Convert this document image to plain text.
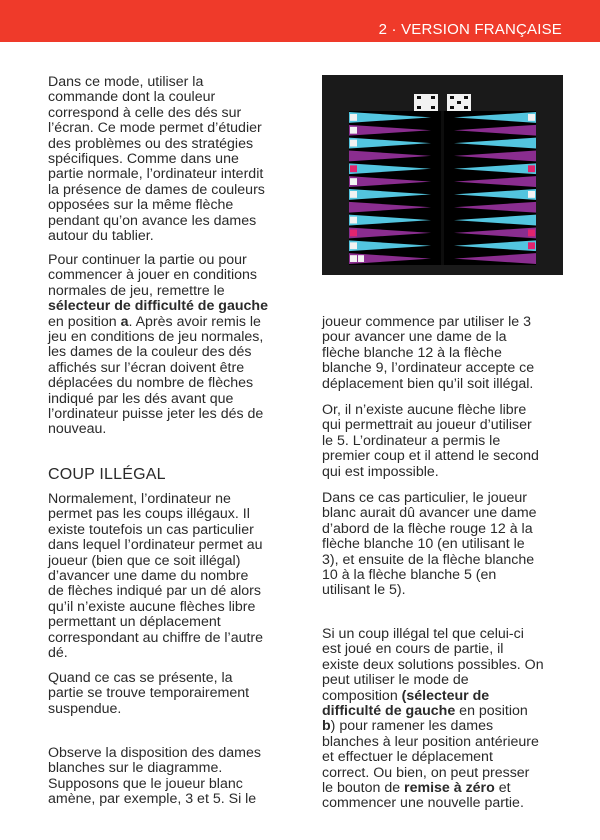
2 · VERSION FRANÇAISE
Dans ce mode, utiliser la
commande dont la couleur
correspond à celle des dés sur
l’écran. Ce mode permet d’étudier
des problèmes ou des stratégies
spécifiques. Comme dans une
partie normale, l’ordinateur interdit
la présence de dames de couleurs
opposées sur la même flèche
pendant qu’on avance les dames
autour du tablier.
Pour continuer la partie ou pour
commencer à jouer en conditions
normales de jeu, remettre le
sélecteur de difficulté de gauche
en position a. Après avoir remis le
jeu en conditions de jeu normales,
les dames de la couleur des dés
affichés sur l’écran doivent être
déplacées du nombre de flèches
indiqué par les dés avant que
l’ordinateur puisse jeter les dés de
nouveau.
COUP ILLÉGAL
Normalement, l’ordinateur ne
permet pas les coups illégaux. Il
existe toutefois un cas particulier
dans lequel l’ordinateur permet au
joueur (bien que ce soit illégal)
d’avancer une dame du nombre
de flèches indiqué par un dé alors
qu’il n’existe aucune flèches libre
permettant un déplacement
correspondant au chiffre de l’autre
dé.
Quand ce cas se présente, la
partie se trouve temporairement
suspendue.
Observe la disposition des dames
blanches sur le diagramme.
Supposons que le joueur blanc
amène, par exemple, 3 et 5. Si le
joueur commence par utiliser le 3
pour avancer une dame de la
flèche blanche 12 à la flèche
blanche 9, l’ordinateur accepte ce
déplacement bien qu’il soit illégal.
Or, il n’existe aucune flèche libre
qui permettrait au joueur d’utiliser
le 5. L’ordinateur a permis le
premier coup et il attend le second
qui est impossible.
Dans ce cas particulier, le joueur
blanc aurait dû avancer une dame
d’abord de la flèche rouge 12 à la
flèche blanche 10 (en utilisant le
3), et ensuite de la flèche blanche
10 à la flèche blanche 5 (en
utilisant le 5).
Si un coup illégal tel que celui-ci
est joué en cours de partie, il
existe deux solutions possibles. On
peut utiliser le mode de
composition (sélecteur de
difficulté de gauche en position
b) pour ramener les dames
blanches à leur position antérieure
et effectuer le déplacement
correct. Ou bien, on peut presser
le bouton de remise à zéro et
commencer une nouvelle partie.
